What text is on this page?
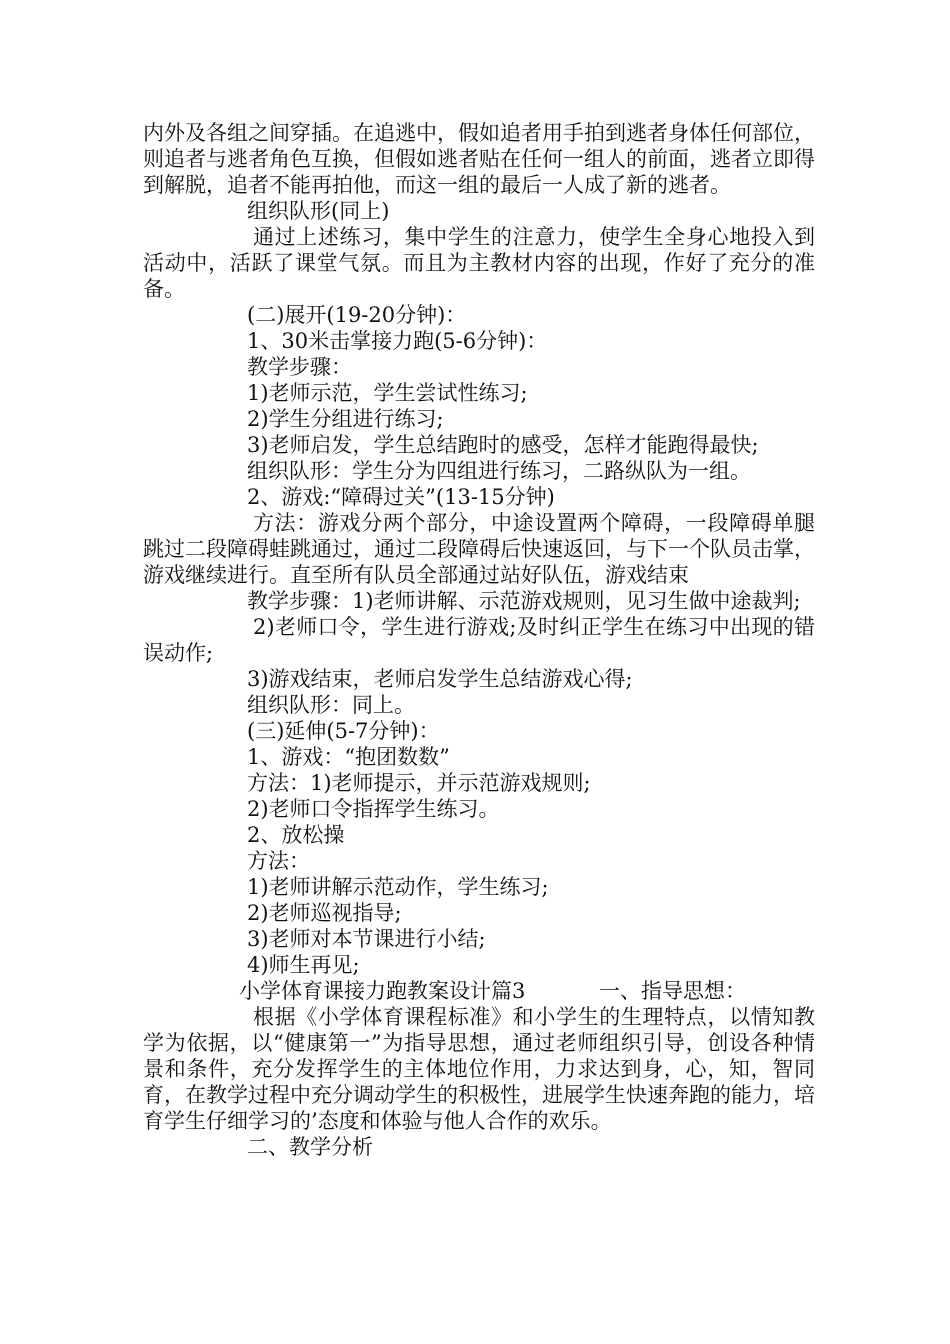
内外及各组之间穿插。在追逃中，假如追者用手拍到逃者身体任何部位，则追者与逃者角色互换，但假如逃者贴在任何一组人的前面，逃者立即得到解脱，追者不能再拍他，而这一组的最后一人成了新的逃者。

组织队形(同上)

通过上述练习，集中学生的注意力，使学生全身心地投入到活动中，活跃了课堂气氛。而且为主教材内容的出现，作好了充分的准备。

(二)展开(19-20分钟)：

1、30米击掌接力跑(5-6分钟)：

教学步骤：

1)老师示范，学生尝试性练习;

2)学生分组进行练习;

3)老师启发，学生总结跑时的感受，怎样才能跑得最快;

组织队形：学生分为四组进行练习，二路纵队为一组。

2、游戏:“障碍过关”(13-15分钟)

方法：游戏分两个部分，中途设置两个障碍，一段障碍单腿跳过二段障碍蛙跳通过，通过二段障碍后快速返回，与下一个队员击掌，游戏继续进行。直至所有队员全部通过站好队伍，游戏结束

教学步骤：1)老师讲解、示范游戏规则，见习生做中途裁判;

2)老师口令，学生进行游戏;及时纠正学生在练习中出现的错误动作;

3)游戏结束，老师启发学生总结游戏心得;

组织队形：同上。

(三)延伸(5-7分钟)：

1、游戏：“抱团数数”

方法：1)老师提示，并示范游戏规则;

2)老师口令指挥学生练习。

2、放松操

方法：

1)老师讲解示范动作，学生练习;

2)老师巡视指导;

3)老师对本节课进行小结;

4)师生再见;

小学体育课接力跑教案设计篇3	一、指导思想：

根据《小学体育课程标准》和小学生的生理特点，以情知教学为依据，以“健康第一”为指导思想，通过老师组织引导，创设各种情景和条件，充分发挥学生的主体地位作用，力求达到身，心，知，智同育，在教学过程中充分调动学生的积极性，进展学生快速奔跑的能力，培育学生仔细学习的’态度和体验与他人合作的欢乐。

二、教学分析
